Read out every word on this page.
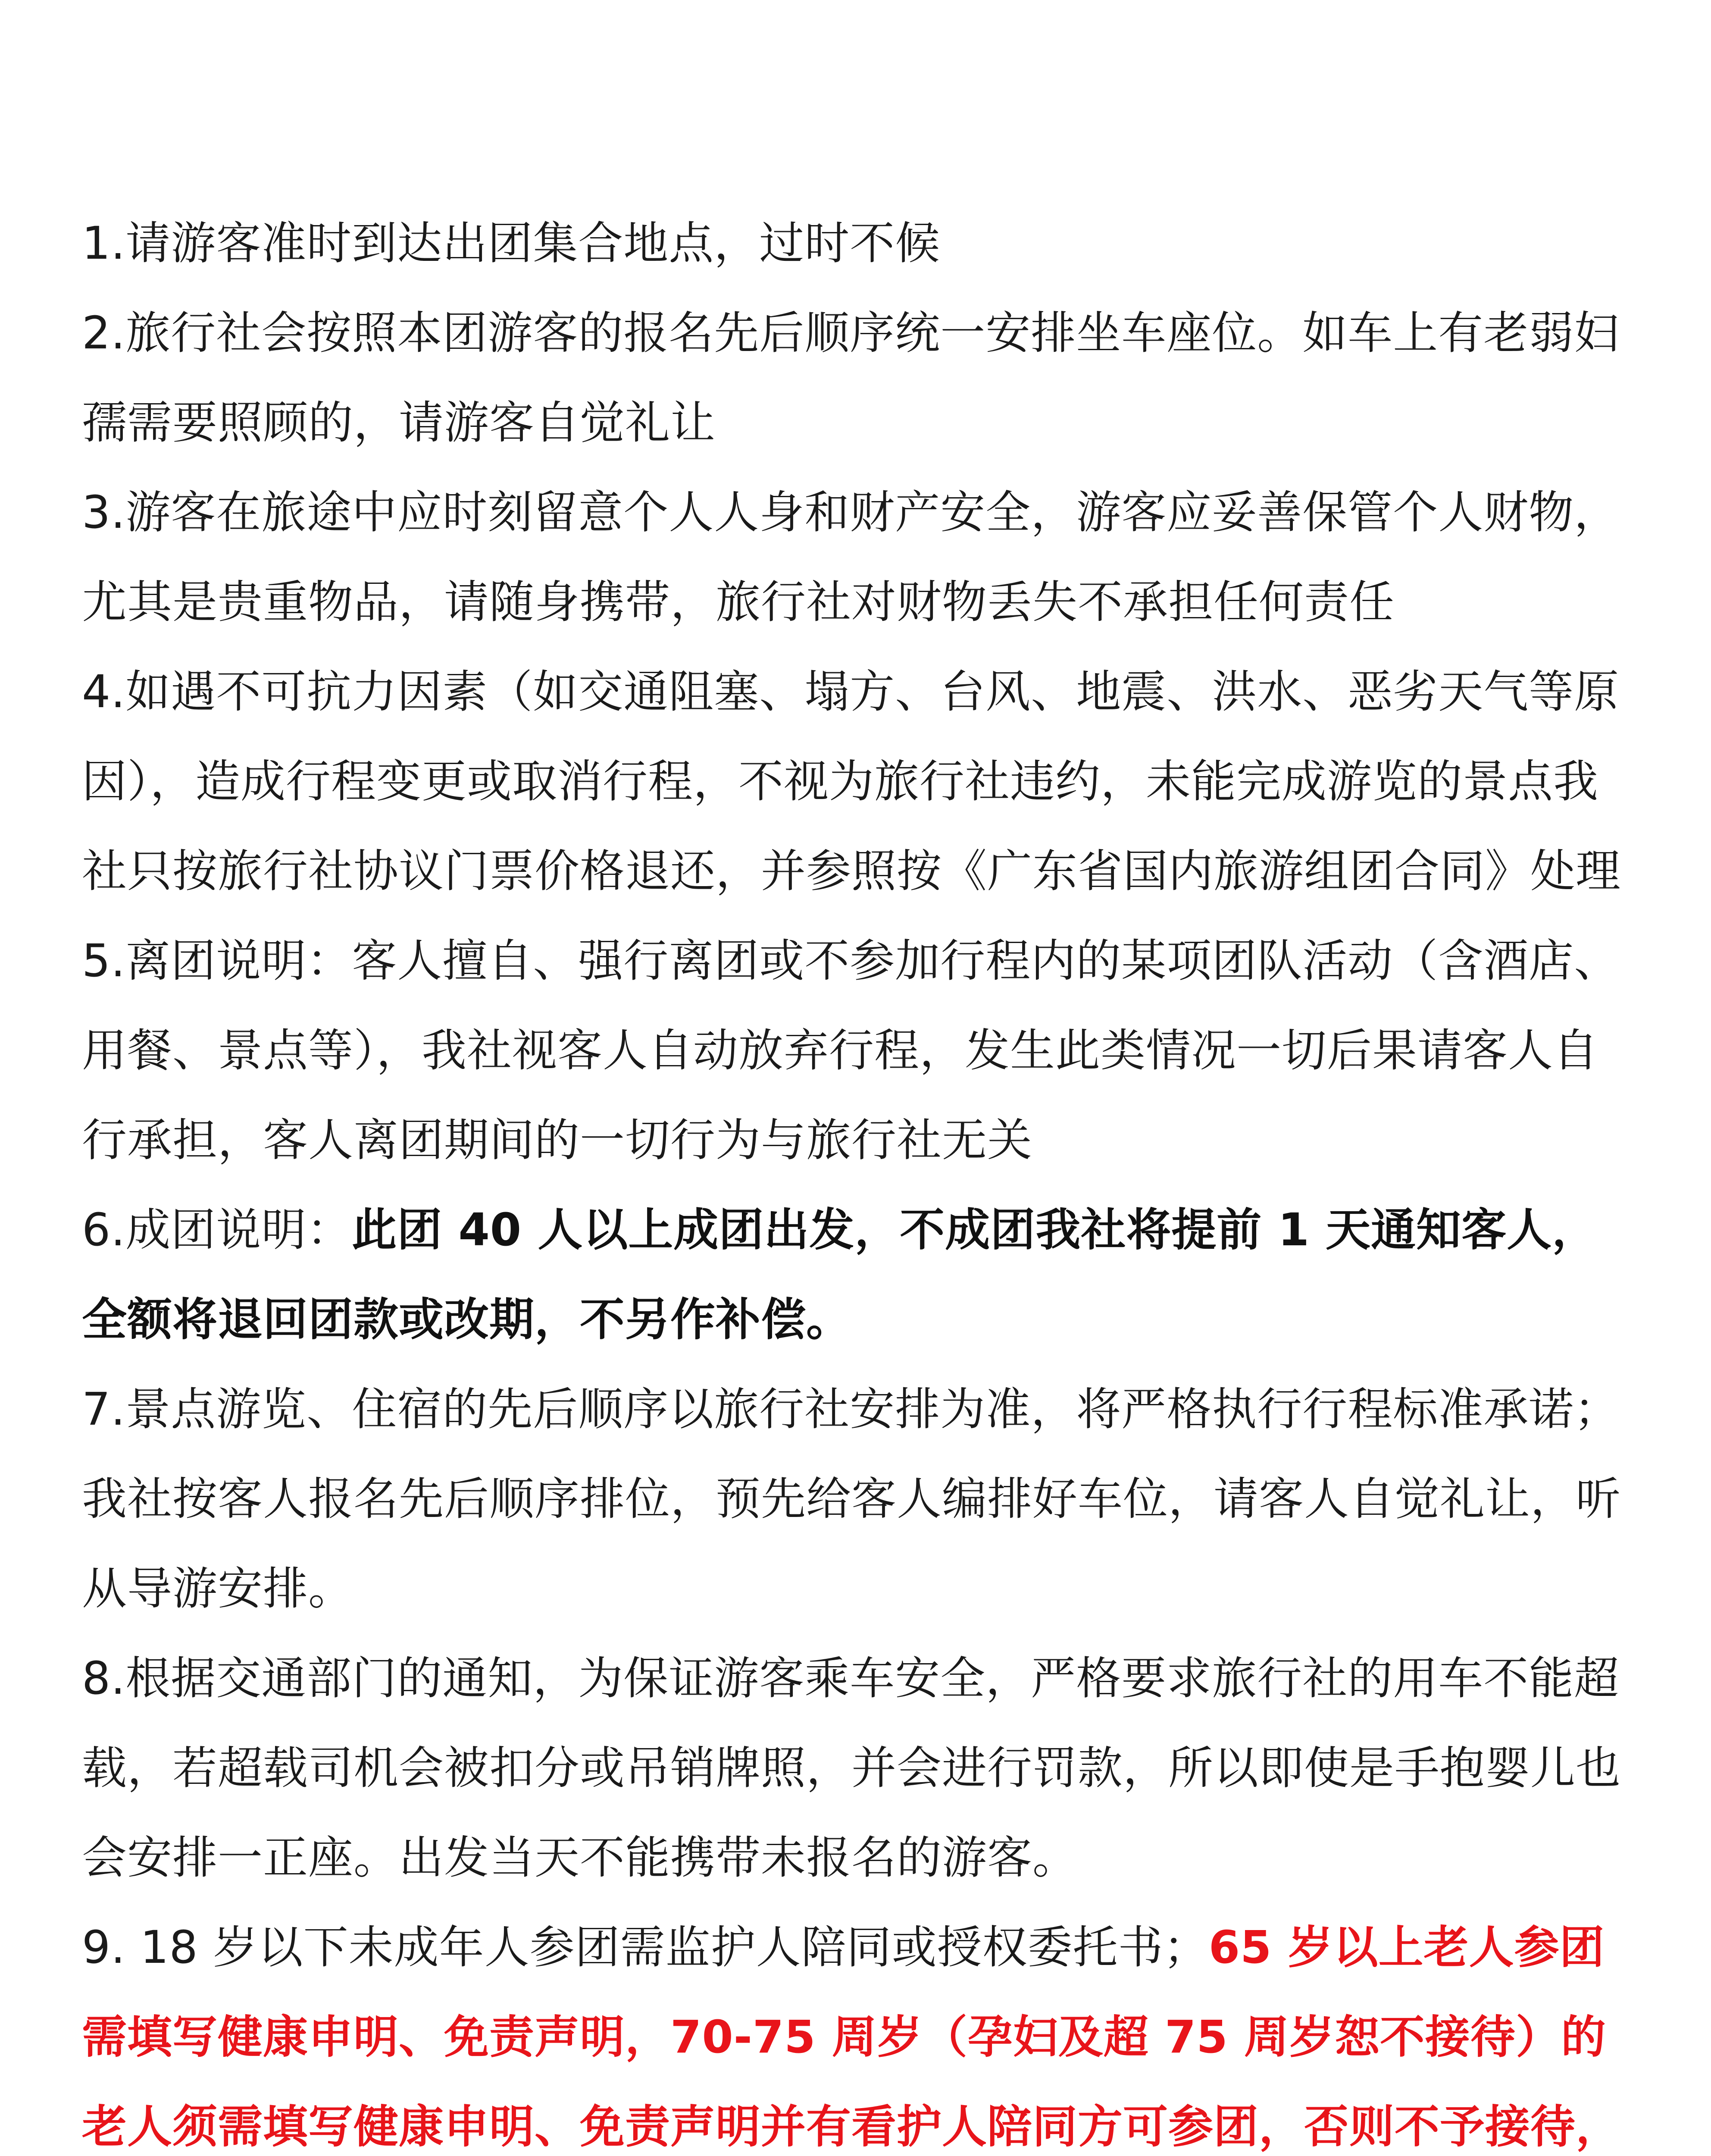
1.请游客准时到达出团集合地点，过时不候

2.旅行社会按照本团游客的报名先后顺序统一安排坐车座位。如车上有老弱妇孺需要照顾的，请游客自觉礼让

3.游客在旅途中应时刻留意个人人身和财产安全，游客应妥善保管个人财物，尤其是贵重物品，请随身携带，旅行社对财物丢失不承担任何责任

4.如遇不可抗力因素（如交通阻塞、塌方、台风、地震、洪水、恶劣天气等原因），造成行程变更或取消行程，不视为旅行社违约，未能完成游览的景点我社只按旅行社协议门票价格退还，并参照按《广东省国内旅游组团合同》处理

5.离团说明：客人擅自、强行离团或不参加行程内的某项团队活动（含酒店、用餐、景点等），我社视客人自动放弃行程，发生此类情况一切后果请客人自行承担，客人离团期间的一切行为与旅行社无关

6.成团说明：此团 40 人以上成团出发，不成团我社将提前 1 天通知客人，全额将退回团款或改期，不另作补偿。

7.景点游览、住宿的先后顺序以旅行社安排为准，将严格执行行程标准承诺；我社按客人报名先后顺序排位，预先给客人编排好车位，请客人自觉礼让，听从导游安排。

8.根据交通部门的通知，为保证游客乘车安全，严格要求旅行社的用车不能超载，若超载司机会被扣分或吊销牌照，并会进行罚款，所以即使是手抱婴儿也会安排一正座。出发当天不能携带未报名的游客。

9. 18 岁以下未成年人参团需监护人陪同或授权委托书；65 岁以上老人参团需填写健康申明、免责声明，70-75 周岁（孕妇及超 75 周岁恕不接待）的老人须需填写健康申明、免责声明并有看护人陪同方可参团，否则不予接待，
